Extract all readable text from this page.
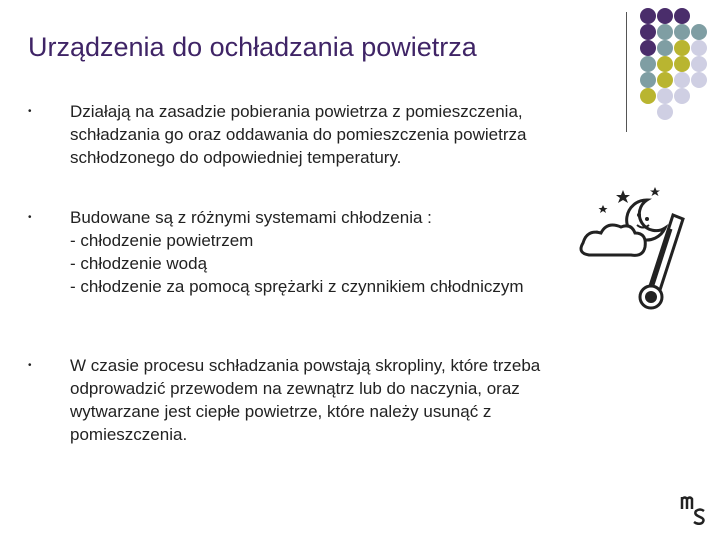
Urządzenia do ochładzania powietrza
•	Działają na zasadzie pobierania powietrza z pomieszczenia,
schładzania go oraz oddawania do pomieszczenia powietrza
schłodzonego do odpowiedniej temperatury.
•	Budowane są z różnymi systemami chłodzenia :
- chłodzenie powietrzem
- chłodzenie wodą
- chłodzenie za pomocą sprężarki z czynnikiem chłodniczym
•	W czasie procesu schładzania powstają skropliny, które trzeba
odprowadzić przewodem na zewnątrz lub do naczynia, oraz
wytwarzane jest ciepłe powietrze, które należy usunąć z
pomieszczenia.
